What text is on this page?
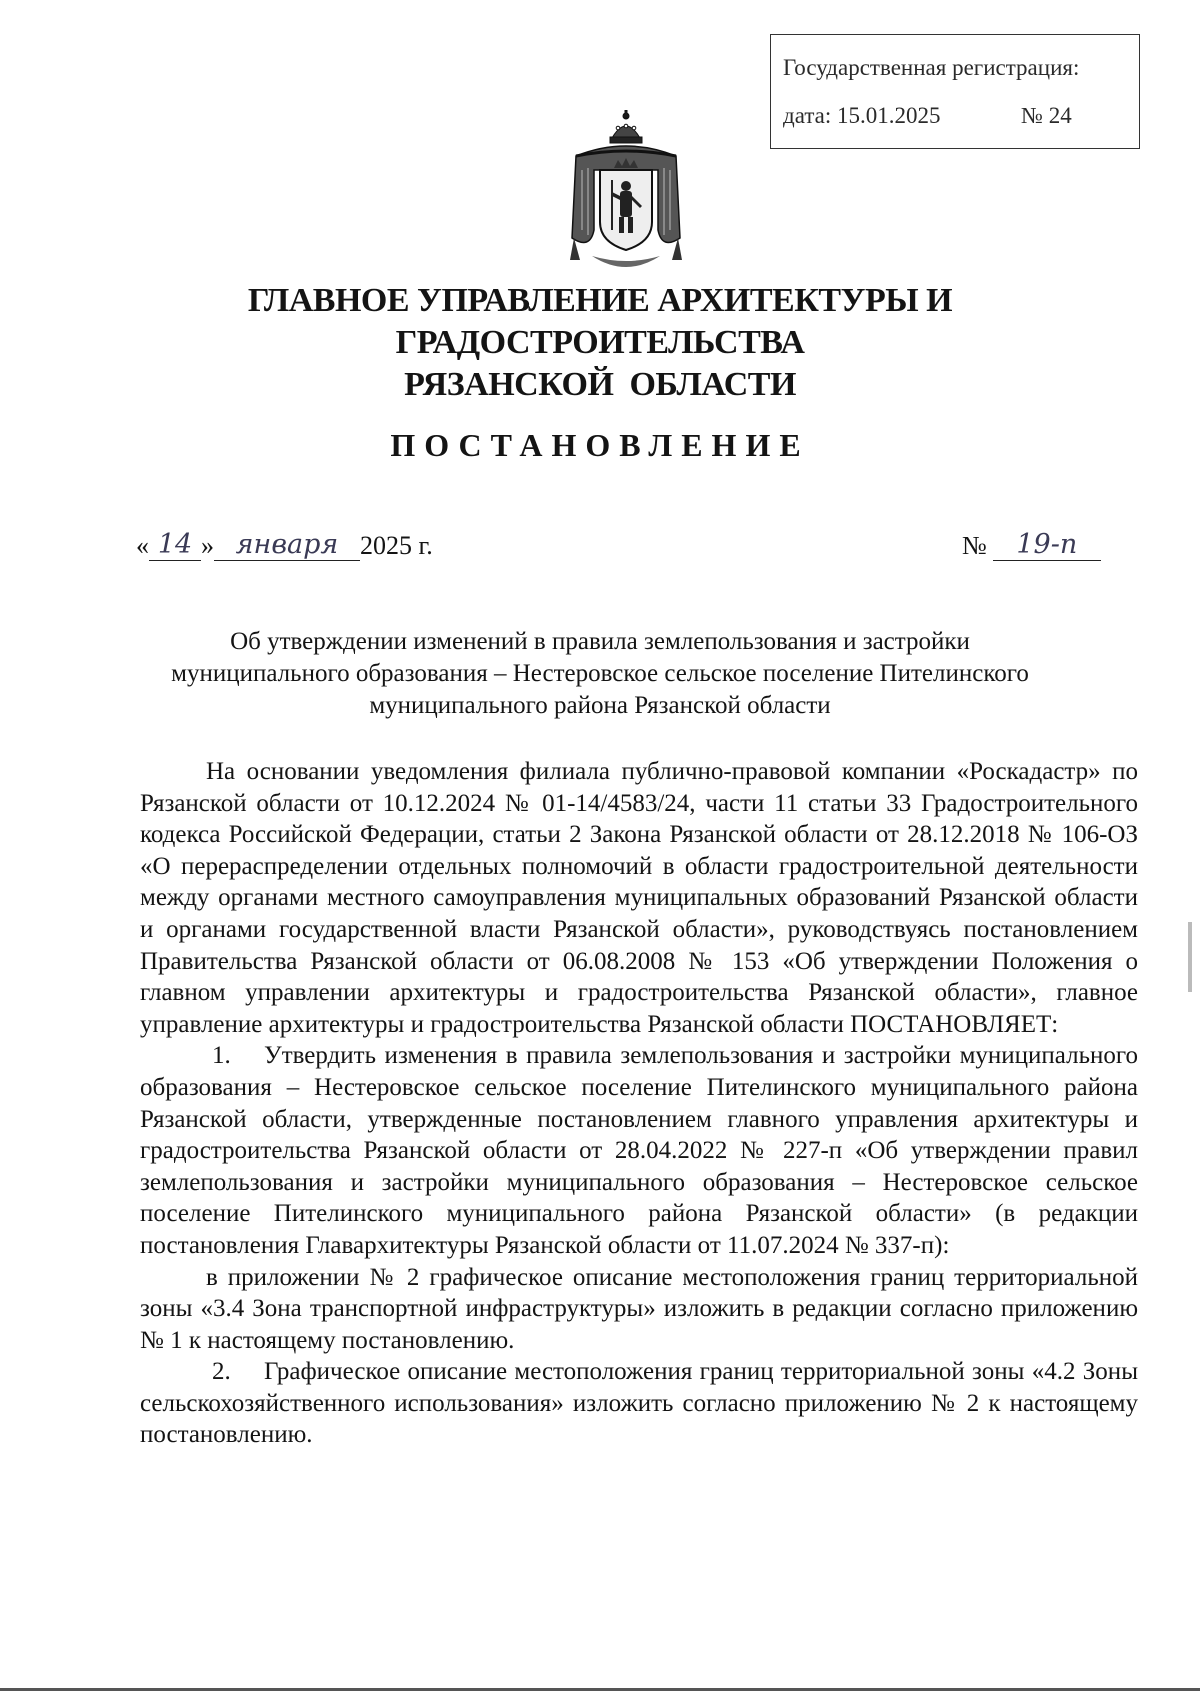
Государственная регистрация:
дата: 15.01.2025	№ 24
ГЛАВНОЕ УПРАВЛЕНИЕ АРХИТЕКТУРЫ И ГРАДОСТРОИТЕЛЬСТВА
РЯЗАНСКОЙ  ОБЛАСТИ
ПОСТАНОВЛЕНИЕ
« 14 » января 2025 г.	№	19-п
Об утверждении изменений в правила землепользования и застройки
муниципального образования – Нестеровское сельское поселение Пителинского
муниципального района Рязанской области

На основании уведомления филиала публично-правовой компании «Роскадастр» по Рязанской области от 10.12.2024 № 01-14/4583/24, части 11 статьи 33 Градостроительного кодекса Российской Федерации, статьи 2 Закона Рязанской области от 28.12.2018 № 106-ОЗ «О перераспределении отдельных полномочий в области градостроительной деятельности между органами местного самоуправления муниципальных образований Рязанской области и органами государственной власти Рязанской области», руководствуясь постановлением Правительства Рязанской области от 06.08.2008 № 153 «Об утверждении Положения о главном управлении архитектуры и градостроительства Рязанской области», главное управление архитектуры и градостроительства Рязанской области ПОСТАНОВЛЯЕТ:

1. Утвердить изменения в правила землепользования и застройки муниципального образования – Нестеровское сельское поселение Пителинского муниципального района Рязанской области, утвержденные постановлением главного управления архитектуры и градостроительства Рязанской области от 28.04.2022 № 227-п «Об утверждении правил землепользования и застройки муниципального образования – Нестеровское сельское поселение Пителинского муниципального района Рязанской области» (в редакции постановления Главархитектуры Рязанской области от 11.07.2024 № 337-п):

в приложении № 2 графическое описание местоположения границ территориальной зоны «3.4 Зона транспортной инфраструктуры» изложить в редакции согласно приложению № 1 к настоящему постановлению.

2. Графическое описание местоположения границ территориальной зоны «4.2 Зоны сельскохозяйственного использования» изложить согласно приложению № 2 к настоящему постановлению.
